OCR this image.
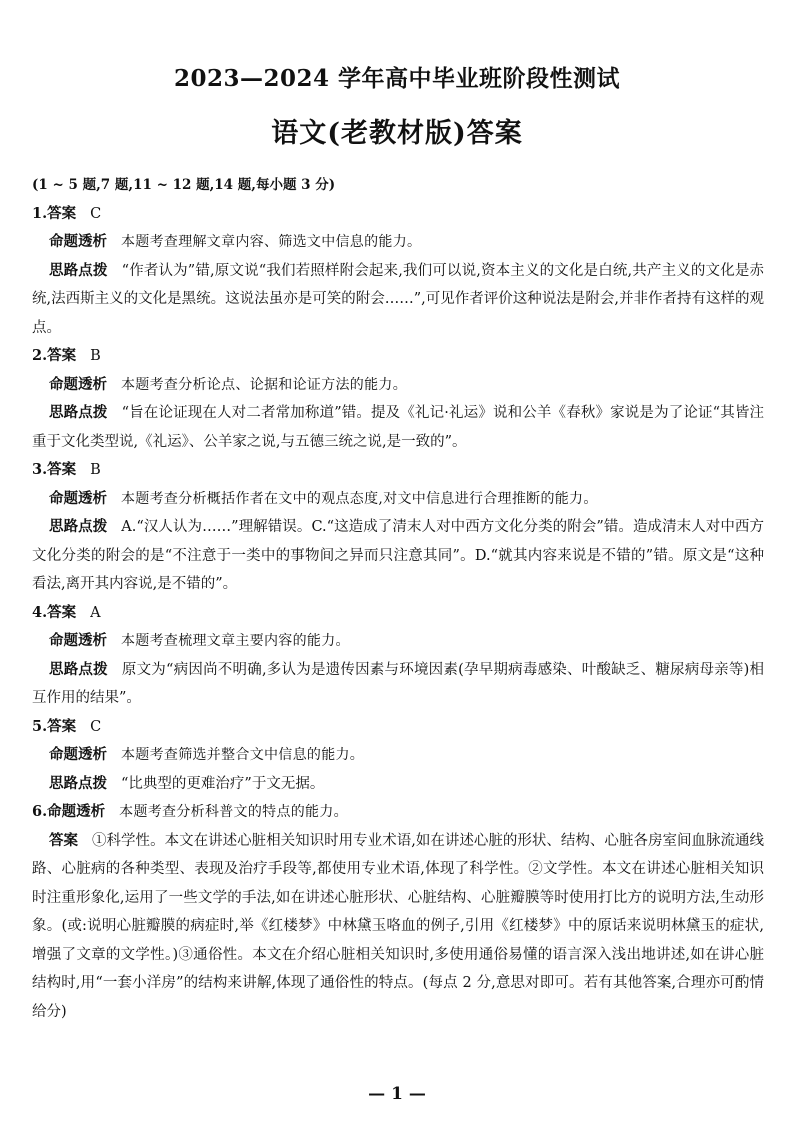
2023—2024 学年高中毕业班阶段性测试
语文(老教材版)答案

(1 ~ 5 题,7 题,11 ~ 12 题,14 题,每小题 3 分)

1.答案 C

命题透析 本题考查理解文章内容、筛选文中信息的能力。

思路点拨 “作者认为”错,原文说“我们若照样附会起来,我们可以说,资本主义的文化是白统,共产主义的文化是赤统,法西斯主义的文化是黑统。这说法虽亦是可笑的附会……”,可见作者评价这种说法是附会,并非作者持有这样的观点。

2.答案 B

命题透析 本题考查分析论点、论据和论证方法的能力。

思路点拨 “旨在论证现在人对二者常加称道”错。提及《礼记·礼运》说和公羊《春秋》家说是为了论证“其皆注重于文化类型说,《礼运》、公羊家之说,与五德三统之说,是一致的”。

3.答案 B

命题透析 本题考查分析概括作者在文中的观点态度,对文中信息进行合理推断的能力。

思路点拨 A.“汉人认为……”理解错误。C.“这造成了清末人对中西方文化分类的附会”错。造成清末人对中西方文化分类的附会的是“不注意于一类中的事物间之异而只注意其同”。D.“就其内容来说是不错的”错。原文是“这种看法,离开其内容说,是不错的”。

4.答案 A

命题透析 本题考查梳理文章主要内容的能力。

思路点拨 原文为“病因尚不明确,多认为是遗传因素与环境因素(孕早期病毒感染、叶酸缺乏、糖尿病母亲等)相互作用的结果”。

5.答案 C

命题透析 本题考查筛选并整合文中信息的能力。

思路点拨 “比典型的更难治疗”于文无据。

6.命题透析 本题考查分析科普文的特点的能力。

答案 ①科学性。本文在讲述心脏相关知识时用专业术语,如在讲述心脏的形状、结构、心脏各房室间血脉流通线路、心脏病的各种类型、表现及治疗手段等,都使用专业术语,体现了科学性。②文学性。本文在讲述心脏相关知识时注重形象化,运用了一些文学的手法,如在讲述心脏形状、心脏结构、心脏瓣膜等时使用打比方的说明方法,生动形象。(或:说明心脏瓣膜的病症时,举《红楼梦》中林黛玉咯血的例子,引用《红楼梦》中的原话来说明林黛玉的症状,增强了文章的文学性。)③通俗性。本文在介绍心脏相关知识时,多使用通俗易懂的语言深入浅出地讲述,如在讲心脏结构时,用“一套小洋房”的结构来讲解,体现了通俗性的特点。(每点 2 分,意思对即可。若有其他答案,合理亦可酌情给分)

— 1 —
